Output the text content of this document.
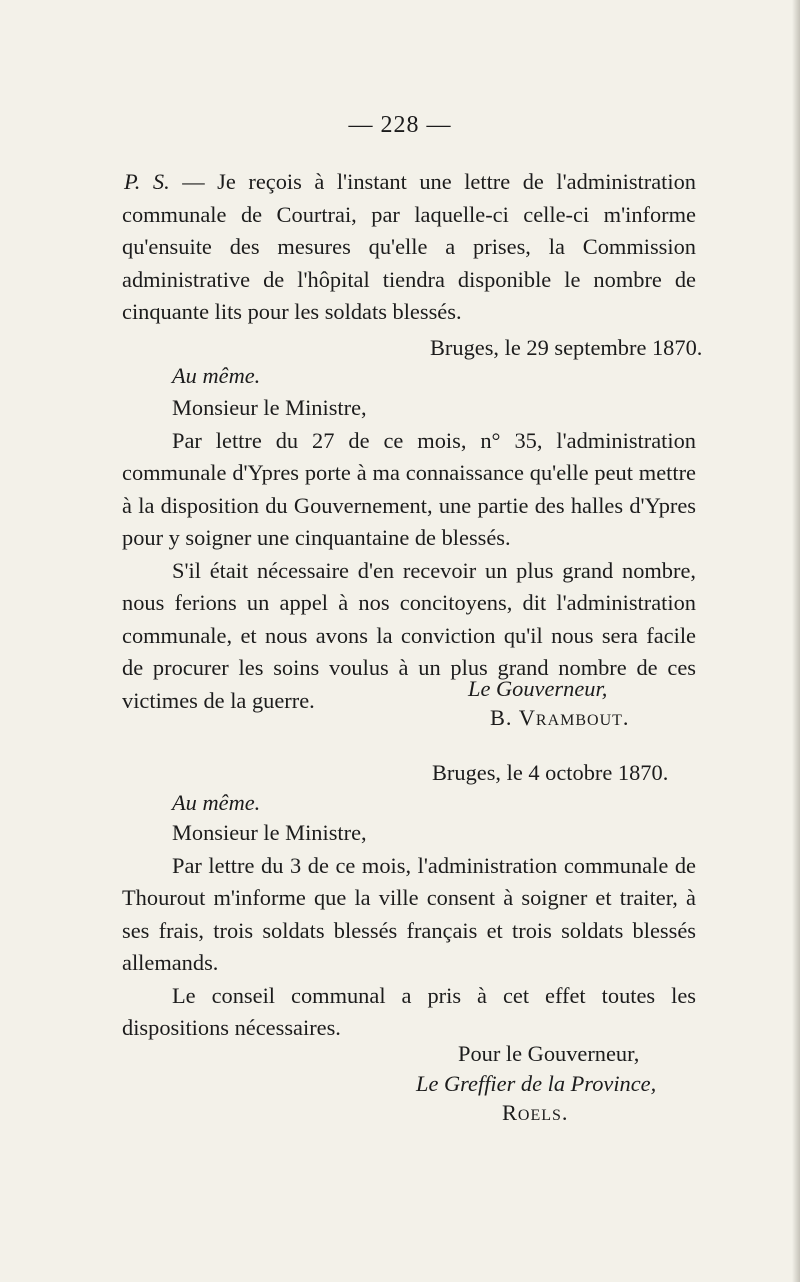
— 228 —

P. S. — Je reçois à l'instant une lettre de l'administration communale de Courtrai, par laquelle-ci celle-ci m'informe qu'ensuite des mesures qu'elle a prises, la Commission administrative de l'hôpital tiendra disponible le nombre de cinquante lits pour les soldats blessés.

Bruges, le 29 septembre 1870.
Au même.

Monsieur le Ministre,

Par lettre du 27 de ce mois, n° 35, l'administration communale d'Ypres porte à ma connaissance qu'elle peut mettre à la disposition du Gouvernement, une partie des halles d'Ypres pour y soigner une cinquantaine de blessés.

S'il était nécessaire d'en recevoir un plus grand nombre, nous ferions un appel à nos concitoyens, dit l'administration communale, et nous avons la conviction qu'il nous sera facile de procurer les soins voulus à un plus grand nombre de ces victimes de la guerre.	Le Gouverneur,
B. Vrambout.
Bruges, le 4 octobre 1870.
Au même.

Monsieur le Ministre,

Par lettre du 3 de ce mois, l'administration communale de Thourout m'informe que la ville consent à soigner et traiter, à ses frais, trois soldats blessés français et trois soldats blessés allemands.

Le conseil communal a pris à cet effet toutes les dispositions nécessaires.

Pour le Gouverneur,
Le Greffier de la Province,
Roels.
